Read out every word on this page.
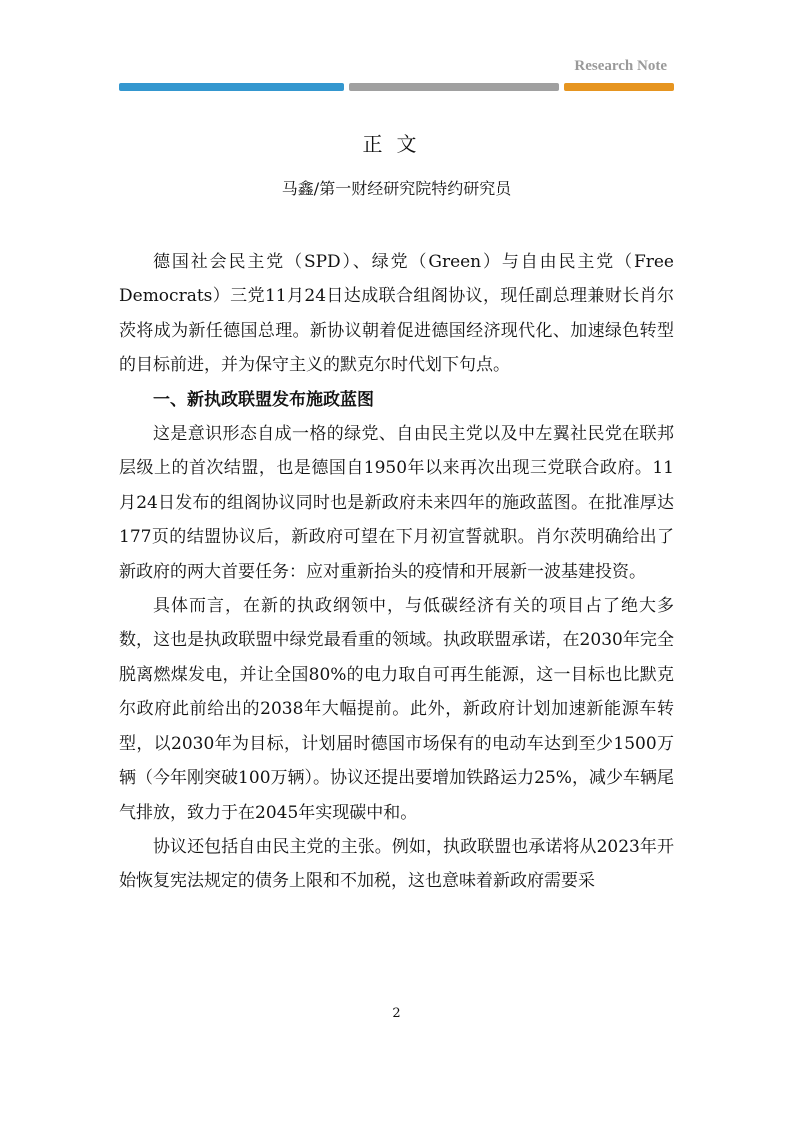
Research Note
正文
马鑫/第一财经研究院特约研究员

德国社会民主党（SPD）、绿党（Green）与自由民主党（Free Democrats）三党11月24日达成联合组阁协议，现任副总理兼财长肖尔茨将成为新任德国总理。新协议朝着促进德国经济现代化、加速绿色转型的目标前进，并为保守主义的默克尔时代划下句点。

一、新执政联盟发布施政蓝图

这是意识形态自成一格的绿党、自由民主党以及中左翼社民党在联邦层级上的首次结盟，也是德国自1950年以来再次出现三党联合政府。11月24日发布的组阁协议同时也是新政府未来四年的施政蓝图。在批准厚达177页的结盟协议后，新政府可望在下月初宣誓就职。肖尔茨明确给出了新政府的两大首要任务：应对重新抬头的疫情和开展新一波基建投资。

具体而言，在新的执政纲领中，与低碳经济有关的项目占了绝大多数，这也是执政联盟中绿党最看重的领域。执政联盟承诺，在2030年完全脱离燃煤发电，并让全国80%的电力取自可再生能源，这一目标也比默克尔政府此前给出的2038年大幅提前。此外，新政府计划加速新能源车转型，以2030年为目标，计划届时德国市场保有的电动车达到至少1500万辆（今年刚突破100万辆）。协议还提出要增加铁路运力25%，减少车辆尾气排放，致力于在2045年实现碳中和。

协议还包括自由民主党的主张。例如，执政联盟也承诺将从2023年开始恢复宪法规定的债务上限和不加税，这也意味着新政府需要采

2
